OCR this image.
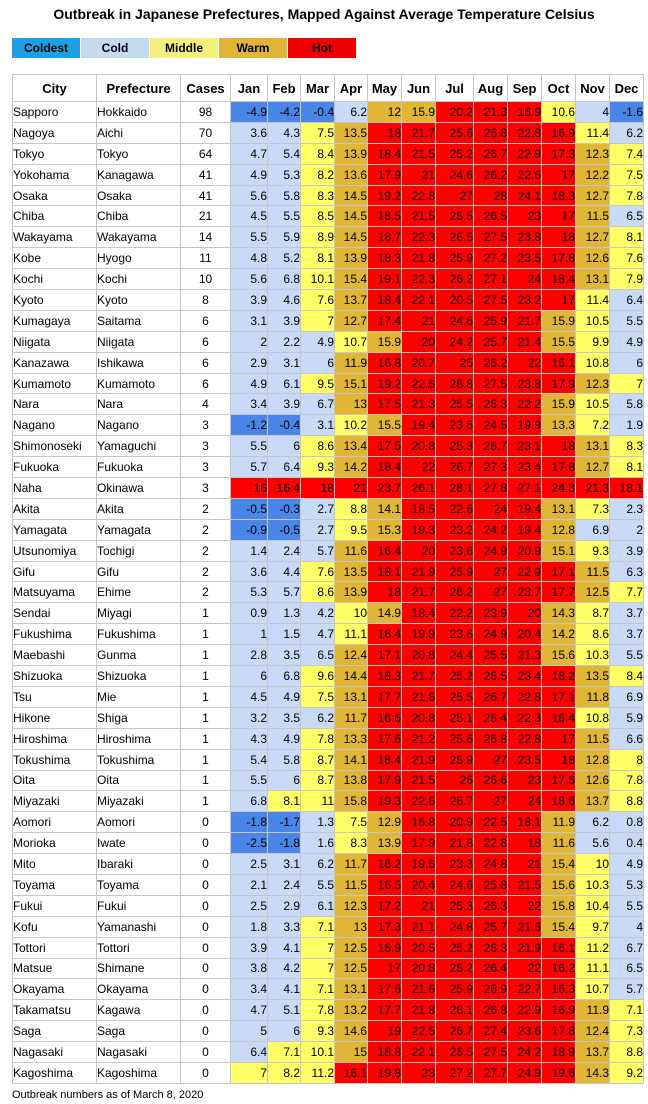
Outbreak in Japanese Prefectures, Mapped Against Average Temperature Celsius
Coldest	Cold	Middle	Warm	Hot
City	Prefecture	Cases	Jan	Feb	Mar	Apr	May	Jun	Jul	Aug	Sep	Oct	Nov	Dec
Sapporo	Hokkaido	98	-4.9	-4.2	-0.4	6.2	12	15.9	20.2	21.3	16.9	10.6	4	-1.6
Nagoya	Aichi	70	3.6	4.3	7.5	13.5	18	21.7	25.6	26.8	22.8	16.9	11.4	6.2
Tokyo	Tokyo	64	4.7	5.4	8.4	13.9	18.4	21.5	25.2	26.7	22.9	17.3	12.3	7.4
Yokohama	Kanagawa	41	4.9	5.3	8.2	13.6	17.9	21	24.6	26.2	22.6	17	12.2	7.5
Osaka	Osaka	41	5.6	5.8	8.3	14.5	19.2	22.8	27	28	24.1	18.3	12.7	7.8
Chiba	Chiba	21	4.5	5.5	8.5	14.5	18.5	21.5	25.5	26.5	23	17	11.5	6.5
Wakayama	Wakayama	14	5.5	5.9	8.9	14.5	18.7	22.3	26.5	27.5	23.8	18	12.7	8.1
Kobe	Hyogo	11	4.8	5.2	8.1	13.9	18.3	21.8	25.9	27.2	23.5	17.8	12.6	7.6
Kochi	Kochi	10	5.6	6.8	10.1	15.4	19.1	22.3	26.2	27.1	24	18.4	13.1	7.9
Kyoto	Kyoto	8	3.9	4.6	7.6	13.7	18.4	22.1	20.5	27.5	23.2	17	11.4	6.4
Kumagaya	Saitama	6	3.1	3.9	7	12.7	17.4	21	24.6	25.9	21.7	15.9	10.5	5.5
Niigata	Niigata	6	2	2.2	4.9	10.7	15.9	20	24.2	25.7	21.4	15.5	9.9	4.9
Kanazawa	Ishikawa	6	2.9	3.1	6	11.9	16.8	20.7	25	26.2	22	16.1	10.8	6
Kumamoto	Kumamoto	6	4.9	6.1	9.5	15.1	19.2	22.6	26.8	27.5	23.8	17.9	12.3	7
Nara	Nara	4	3.4	3.9	6.7	13	17.5	21.3	25.5	26.3	22.2	15.9	10.5	5.8
Nagano	Nagano	3	-1.2	-0.4	3.1	10.2	15.5	19.4	23.6	24.5	19.9	13.3	7.2	1.9
Shimonoseki	Yamaguchi	3	5.5	6	8.6	13.4	17.5	20.8	25.3	26.7	23.1	18	13.1	8.3
Fukuoka	Fukuoka	3	5.7	6.4	9.3	14.2	18.4	22	26.7	27.3	23.4	17.8	12.7	8.1
Naha	Okinawa	3	16	16.4	18	21	23.7	26.1	28.1	27.8	27.1	24.3	21.3	18.1
Akita	Akita	2	-0.5	-0.3	2.7	8.8	14.1	18.5	22.6	24	19.4	13.1	7.3	2.3
Yamagata	Yamagata	2	-0.9	-0.5	2.7	9.5	15.3	19.3	23.2	24.2	19.4	12.8	6.9	2
Utsunomiya	Tochigi	2	1.4	2.4	5.7	11.6	16.4	20	23.6	24.9	20.9	15.1	9.3	3.9
Gifu	Gifu	2	3.6	4.4	7.6	13.5	18.1	21.9	25.9	27	22.9	17.1	11.5	6.3
Matsuyama	Ehime	2	5.3	5.7	8.6	13.9	18	21.7	26.2	27	23.7	17.7	12.5	7.7
Sendai	Miyagi	1	0.9	1.3	4.2	10	14.9	18.4	22.2	23.9	20	14.3	8.7	3.7
Fukushima	Fukushima	1	1	1.5	4.7	11.1	16.4	19.9	23.6	24.9	20.4	14.2	8.6	3.7
Maebashi	Gunma	1	2.8	3.5	6.5	12.4	17.1	20.8	24.4	25.5	21.3	15.6	10.3	5.5
Shizuoka	Shizuoka	1	6	6.8	9.6	14.4	18.3	21.7	25.2	26.5	23.4	18.2	13.5	8.4
Tsu	Mie	1	4.5	4.9	7.5	13.1	17.7	21.6	25.5	26.7	22.8	17.1	11.8	6.9
Hikone	Shiga	1	3.2	3.5	6.2	11.7	16.6	20.8	25.1	26.4	22.3	16.4	10.8	5.9
Hiroshima	Hiroshima	1	4.3	4.9	7.8	13.3	17.6	21.2	25.6	26.8	22.8	17	11.5	6.6
Tokushima	Tokushima	1	5.4	5.8	8.7	14.1	18.4	21.9	25.9	27	23.5	18	12.8	8
Oita	Oita	1	5.5	6	8.7	13.8	17.9	21.5	26	26.6	23	17.6	12.6	7.8
Miyazaki	Miyazaki	1	6.8	8.1	11	15.8	19.3	22.6	26.7	27	24	18.6	13.7	8.8
Aomori	Aomori	0	-1.8	-1.7	1.3	7.5	12.9	16.8	20.9	22.5	18.1	11.9	6.2	0.8
Morioka	Iwate	0	-2.5	-1.8	1.6	8.3	13.9	17.9	21.8	22.8	18	11.6	5.6	0.4
Mito	Ibaraki	0	2.5	3.1	6.2	11.7	16.2	19.6	23.3	24.8	21	15.4	10	4.9
Toyama	Toyama	0	2.1	2.4	5.5	11.5	16.5	20.4	24.6	25.8	21.5	15.6	10.3	5.3
Fukui	Fukui	0	2.5	2.9	6.1	12.3	17.2	21	25.3	26.3	22	15.8	10.4	5.5
Kofu	Yamanashi	0	1.8	3.3	7.1	13	17.3	21.1	24.8	25.7	21.6	15.4	9.7	4
Tottori	Tottori	0	3.9	4.1	7	12.5	16.9	20.5	25.2	26.3	21.9	16.1	11.2	6.7
Matsue	Shimane	0	3.8	4.2	7	12.5	17	20.8	25.2	26.4	22	16.2	11.1	6.5
Okayama	Okayama	0	3.4	4.1	7.1	13.1	17.6	21.6	25.9	26.9	22.7	16.3	10.7	5.7
Takamatsu	Kagawa	0	4.7	5.1	7.8	13.2	17.7	21.8	26.1	26.8	22.9	16.9	11.9	7.1
Saga	Saga	0	5	6	9.3	14.6	19	22.5	26.7	27.4	23.6	17.8	12.4	7.3
Nagasaki	Nagasaki	0	6.4	7.1	10.1	15	18.8	22.1	26.5	27.5	24.2	18.9	13.7	8.8
Kagoshima	Kagoshima	0	7	8.2	11.2	16.1	19.8	23	27.2	27.7	24.9	19.6	14.3	9.2
Outbreak numbers as of March 8, 2020
